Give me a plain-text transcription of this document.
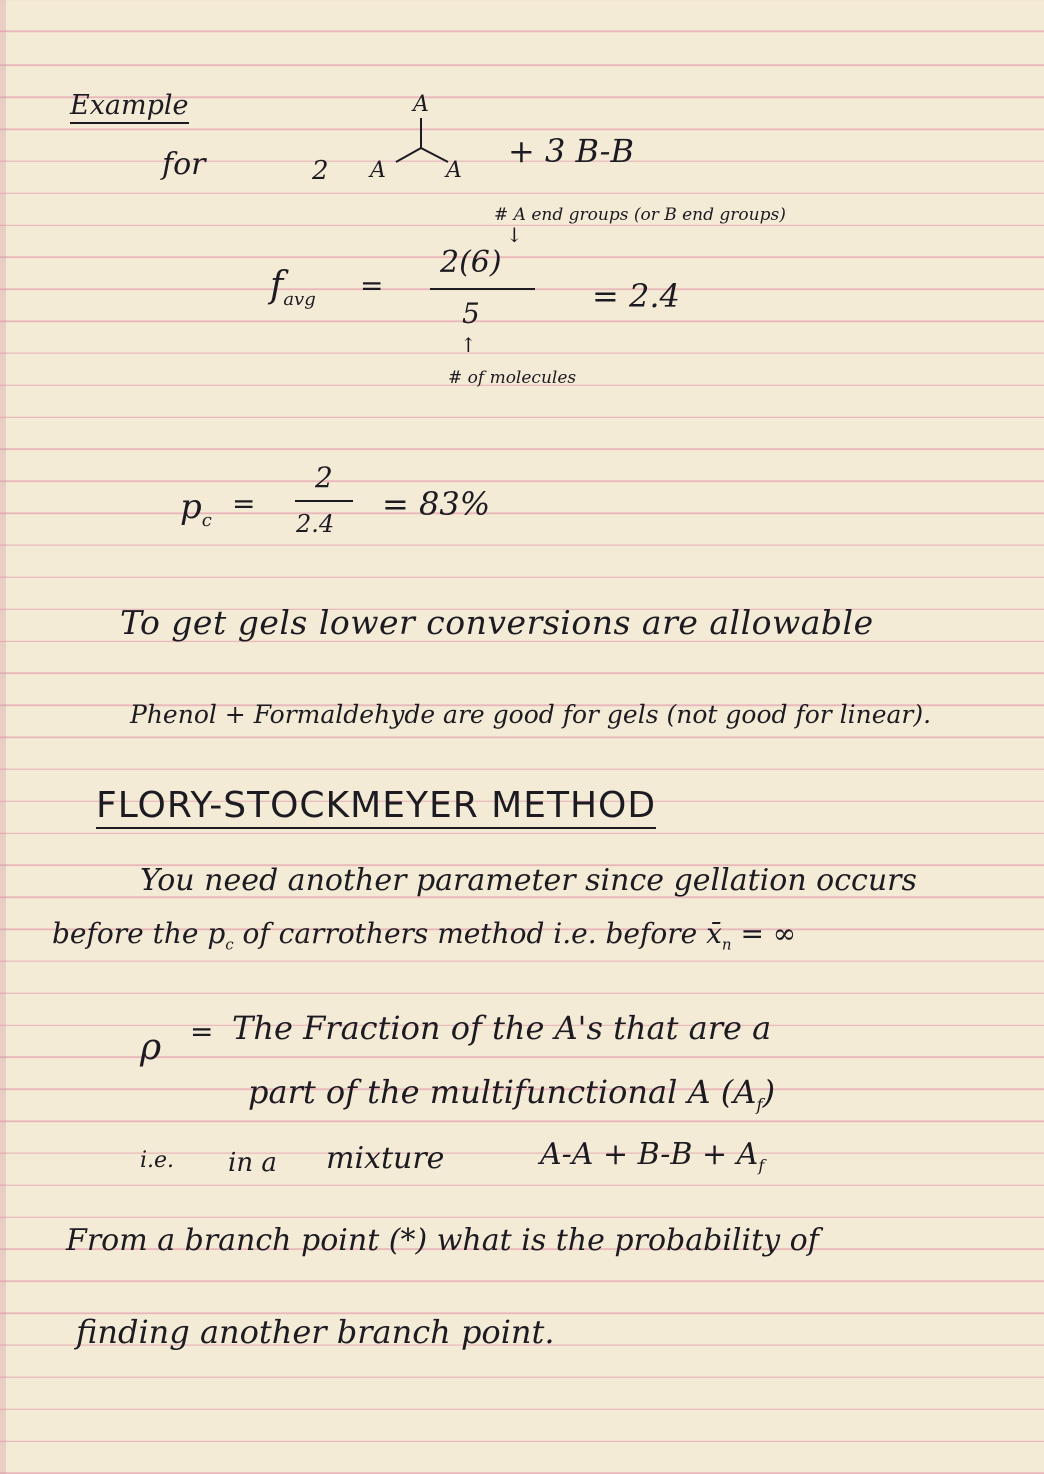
Example
for	2
A
A	A
+ 3 B-B
# A end groups (or B end groups)
↓
$f_{avg}$ =
2(6)
5	= 2.4
↑
# of molecules
$p_c$
=
2
2.4
= 83%
To get gels lower conversions are allowable
Phenol + Formaldehyde are good for gels (not good for linear).
FLORY-STOCKMEYER METHOD
You need another parameter since gellation occurs
before the $p_c$ of carrothers method i.e. before $x̄_n$ = ∞
ρ = The Fraction of the A's that are a
part of the multifunctional A $(A_f)$
i.e. in a mixture	$A-A + B-B + A_f$
From a branch point (*) what is the probability of
finding another branch point.
